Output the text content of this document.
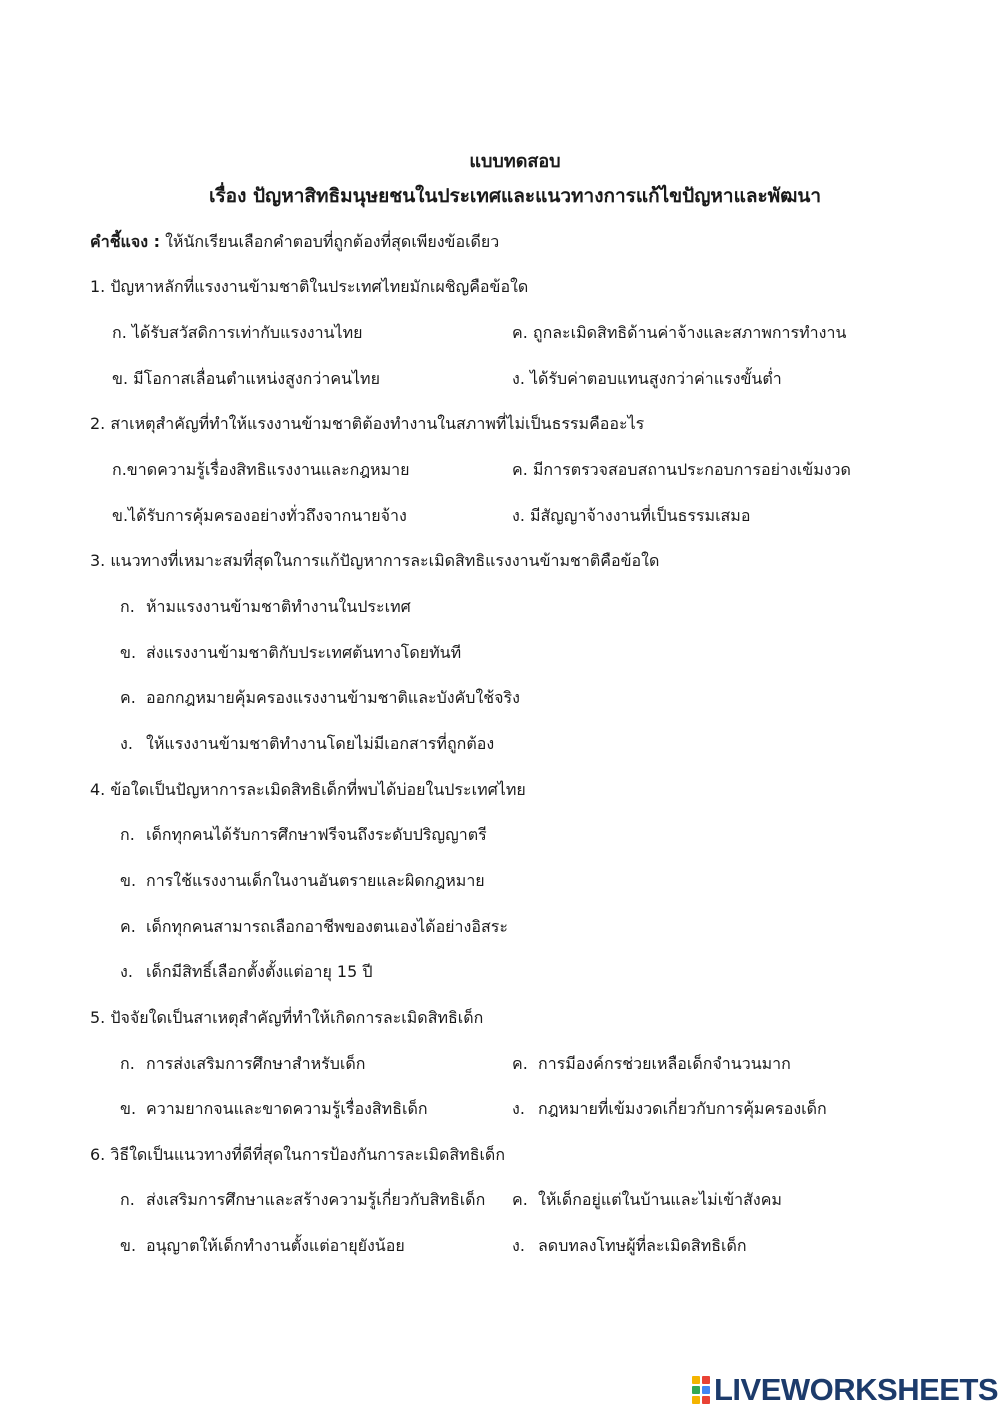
แบบทดสอบ
เรื่อง ปัญหาสิทธิมนุษยชนในประเทศและแนวทางการแก้ไขปัญหาและพัฒนา
คำชี้แจง : ให้นักเรียนเลือกคำตอบที่ถูกต้องที่สุดเพียงข้อเดียว
1. ปัญหาหลักที่แรงงานข้ามชาติในประเทศไทยมักเผชิญคือข้อใด
ก. ได้รับสวัสดิการเท่ากับแรงงานไทย	ค. ถูกละเมิดสิทธิด้านค่าจ้างและสภาพการทำงาน
ข. มีโอกาสเลื่อนตำแหน่งสูงกว่าคนไทย	ง. ได้รับค่าตอบแทนสูงกว่าค่าแรงขั้นต่ำ
2. สาเหตุสำคัญที่ทำให้แรงงานข้ามชาติต้องทำงานในสภาพที่ไม่เป็นธรรมคืออะไร
ก.ขาดความรู้เรื่องสิทธิแรงงานและกฎหมาย	ค. มีการตรวจสอบสถานประกอบการอย่างเข้มงวด
ข.ได้รับการคุ้มครองอย่างทั่วถึงจากนายจ้าง	ง. มีสัญญาจ้างงานที่เป็นธรรมเสมอ
3. แนวทางที่เหมาะสมที่สุดในการแก้ปัญหาการละเมิดสิทธิแรงงานข้ามชาติคือข้อใด
ก. ห้ามแรงงานข้ามชาติทำงานในประเทศ
ข. ส่งแรงงานข้ามชาติกับประเทศต้นทางโดยทันที
ค. ออกกฎหมายคุ้มครองแรงงานข้ามชาติและบังคับใช้จริง
ง. ให้แรงงานข้ามชาติทำงานโดยไม่มีเอกสารที่ถูกต้อง
4. ข้อใดเป็นปัญหาการละเมิดสิทธิเด็กที่พบได้บ่อยในประเทศไทย
ก. เด็กทุกคนได้รับการศึกษาฟรีจนถึงระดับปริญญาตรี
ข. การใช้แรงงานเด็กในงานอันตรายและผิดกฎหมาย
ค. เด็กทุกคนสามารถเลือกอาชีพของตนเองได้อย่างอิสระ
ง. เด็กมีสิทธิ์เลือกตั้งตั้งแต่อายุ 15 ปี
5. ปัจจัยใดเป็นสาเหตุสำคัญที่ทำให้เกิดการละเมิดสิทธิเด็ก
ก. การส่งเสริมการศึกษาสำหรับเด็ก	ค. การมีองค์กรช่วยเหลือเด็กจำนวนมาก
ข. ความยากจนและขาดความรู้เรื่องสิทธิเด็ก	ง. กฎหมายที่เข้มงวดเกี่ยวกับการคุ้มครองเด็ก
6. วิธีใดเป็นแนวทางที่ดีที่สุดในการป้องกันการละเมิดสิทธิเด็ก
ก. ส่งเสริมการศึกษาและสร้างความรู้เกี่ยวกับสิทธิเด็ก ค. ให้เด็กอยู่แต่ในบ้านและไม่เข้าสังคม
ข. อนุญาตให้เด็กทำงานตั้งแต่อายุยังน้อย	ง. ลดบทลงโทษผู้ที่ละเมิดสิทธิเด็ก
LIVEWORKSHEETS
